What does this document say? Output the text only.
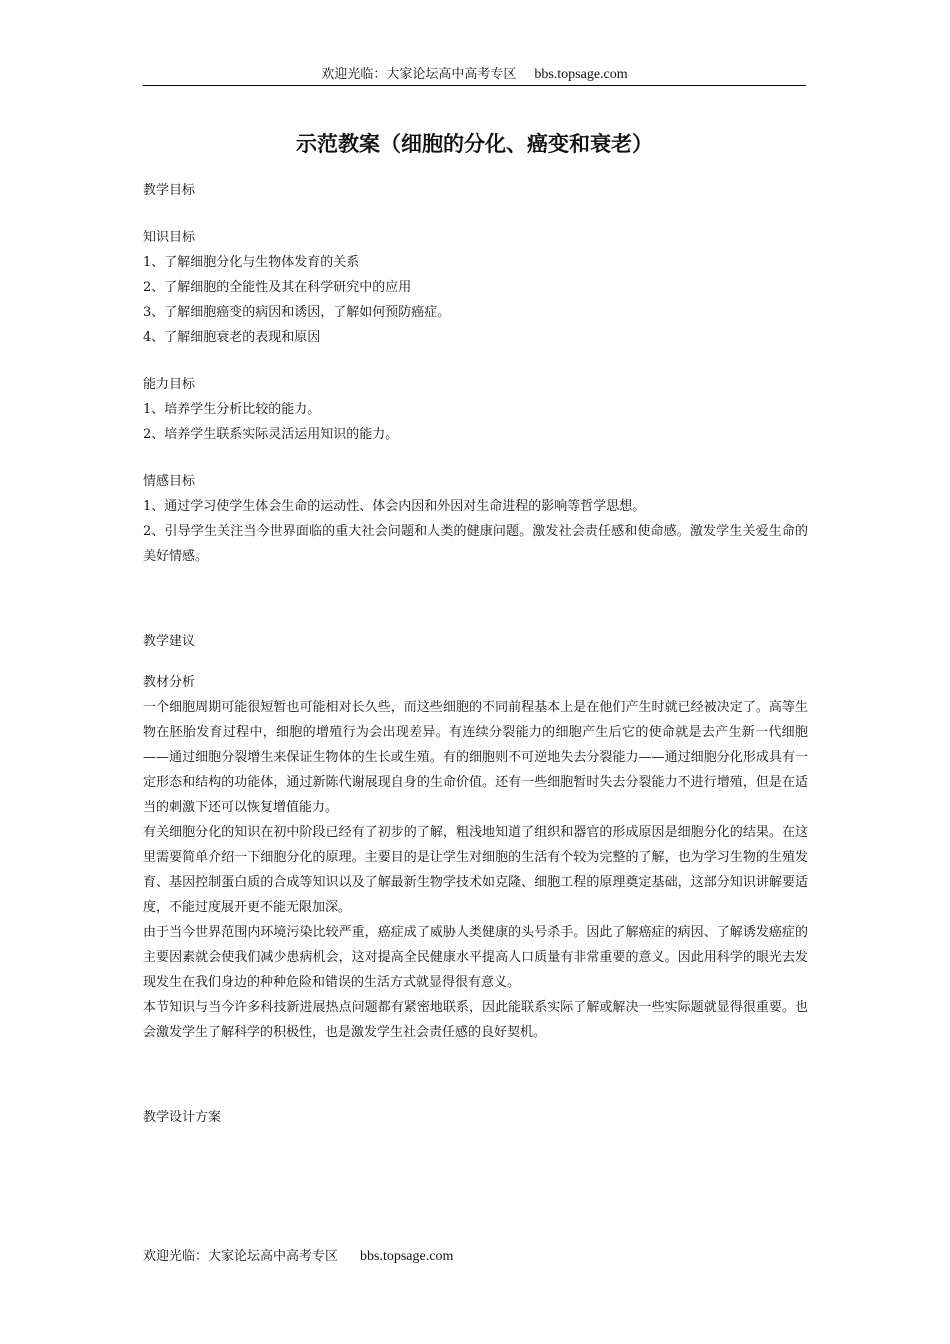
欢迎光临：大家论坛高中高考专区 bbs.topsage.com
示范教案（细胞的分化、癌变和衰老）

教学目标

知识目标

1、了解细胞分化与生物体发育的关系

2、了解细胞的全能性及其在科学研究中的应用

3、了解细胞癌变的病因和诱因，了解如何预防癌症。

4、了解细胞衰老的表现和原因

能力目标

1、培养学生分析比较的能力。

2、培养学生联系实际灵活运用知识的能力。

情感目标

1、通过学习使学生体会生命的运动性、体会内因和外因对生命进程的影响等哲学思想。

2、引导学生关注当今世界面临的重大社会问题和人类的健康问题。激发社会责任感和使命感。激发学生关爱生命的美好情感。

教学建议

教材分析

一个细胞周期可能很短暂也可能相对长久些，而这些细胞的不同前程基本上是在他们产生时就已经被决定了。高等生物在胚胎发育过程中，细胞的增殖行为会出现差异。有连续分裂能力的细胞产生后它的使命就是去产生新一代细胞——通过细胞分裂增生来保证生物体的生长或生殖。有的细胞则不可逆地失去分裂能力——通过细胞分化形成具有一定形态和结构的功能体，通过新陈代谢展现自身的生命价值。还有一些细胞暂时失去分裂能力不进行增殖，但是在适当的刺激下还可以恢复增值能力。

有关细胞分化的知识在初中阶段已经有了初步的了解，粗浅地知道了组织和器官的形成原因是细胞分化的结果。在这里需要简单介绍一下细胞分化的原理。主要目的是让学生对细胞的生活有个较为完整的了解，也为学习生物的生殖发育、基因控制蛋白质的合成等知识以及了解最新生物学技术如克隆、细胞工程的原理奠定基础，这部分知识讲解要适度，不能过度展开更不能无限加深。

由于当今世界范围内环境污染比较严重，癌症成了威胁人类健康的头号杀手。因此了解癌症的病因、了解诱发癌症的主要因素就会使我们减少患病机会，这对提高全民健康水平提高人口质量有非常重要的意义。因此用科学的眼光去发现发生在我们身边的种种危险和错误的生活方式就显得很有意义。

本节知识与当今许多科技新进展热点问题都有紧密地联系，因此能联系实际了解或解决一些实际题就显得很重要。也会激发学生了解科学的积极性，也是激发学生社会责任感的良好契机。

教学设计方案

欢迎光临：大家论坛高中高考专区 bbs.topsage.com
